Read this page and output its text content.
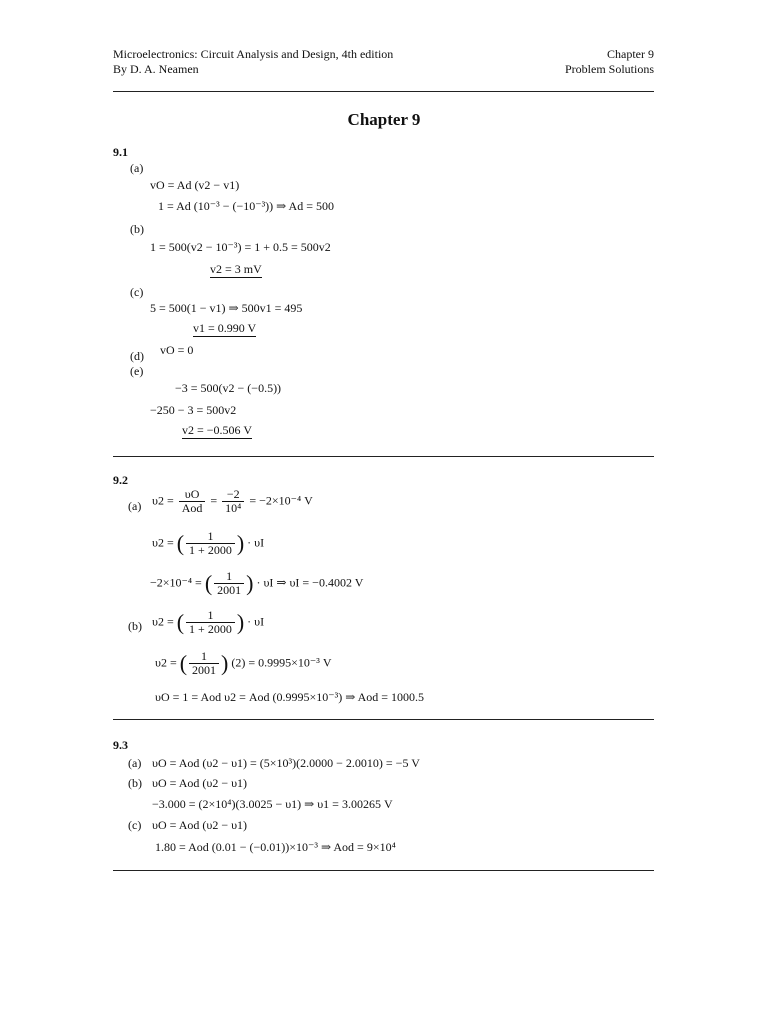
Microelectronics: Circuit Analysis and Design, 4th edition
By D. A. Neamen
Chapter 9
Problem Solutions
Chapter 9
9.1
(a)
vO = Ad (v2 − v1)
1 = Ad (10⁻³ − (−10⁻³)) ⇒ Ad = 500
(b)
1 = 500(v2 − 10⁻³) = 1 + 0.5 = 500v2
v2 = 3 mV
(c)
5 = 500(1 − v1) ⇒ 500v1 = 495
v1 = 0.990 V
vO = 0
(d)
(e)
−3 = 500(v2 − (−0.5))
−250 − 3 = 500v2
v2 = −0.506 V
9.2
(a) $\upsilon 2 = \frac{\upsilon O}{\text{Aod}} = \frac{-2}{\text{10⁴}} = -2\times 10^{-4}$ V
υ2 = ( $\frac{1}{1 + 2000}$ ) · υI
−2×10⁻⁴ = ( $\frac{1}{2001}$ ) · υI ⇒ υI = −0.4002 V
(b) υ2 = ( $\frac{1}{1 + 2000}$ ) · υI
υ2 = ( $\frac{1}{2001}$ ) (2) = 0.9995×10⁻³ V
υO = 1 = Aod υ2 = Aod (0.9995×10⁻³) ⇒ Aod = 1000.5
9.3
(a) υO = Aod (υ2 − υ1) = (5×10³)(2.0000 − 2.0010) = −5 V
(b) υO = Aod (υ2 − υ1)
−3.000 = (2×10⁴)(3.0025 − υ1) ⇒ υ1 = 3.00265 V
(c) υO = Aod (υ2 − υ1)
1.80 = Aod (0.01 − (−0.01))×10⁻³ ⇒ Aod = 9×10⁴
